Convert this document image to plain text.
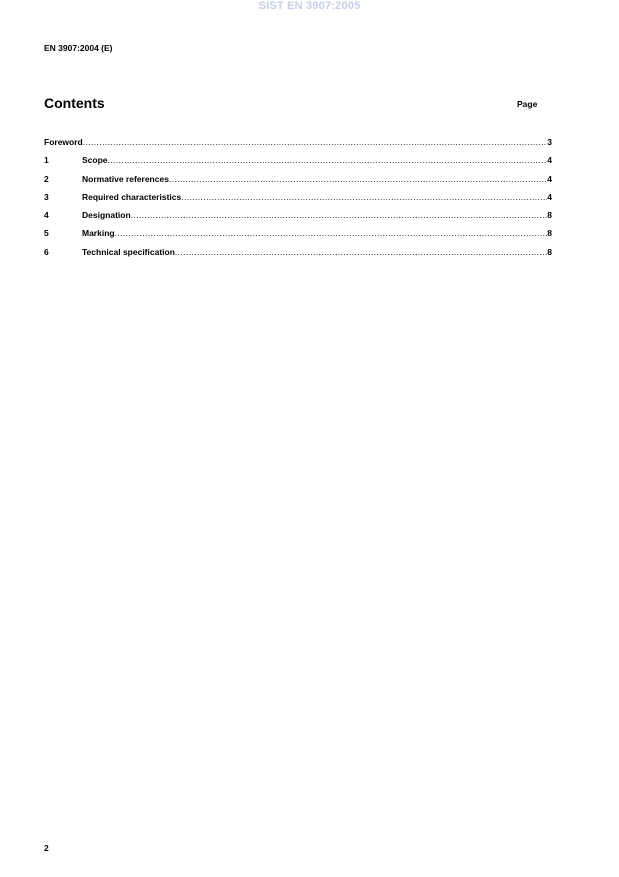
SIST EN 3907:2005
EN 3907:2004 (E)
Contents	Page
Foreword .....	3
1	Scope .....	4
2	Normative references .....	4
3	Required characteristics .....	4
4	Designation .....	8
5	Marking .....	8
6	Technical specification .....	8
2
